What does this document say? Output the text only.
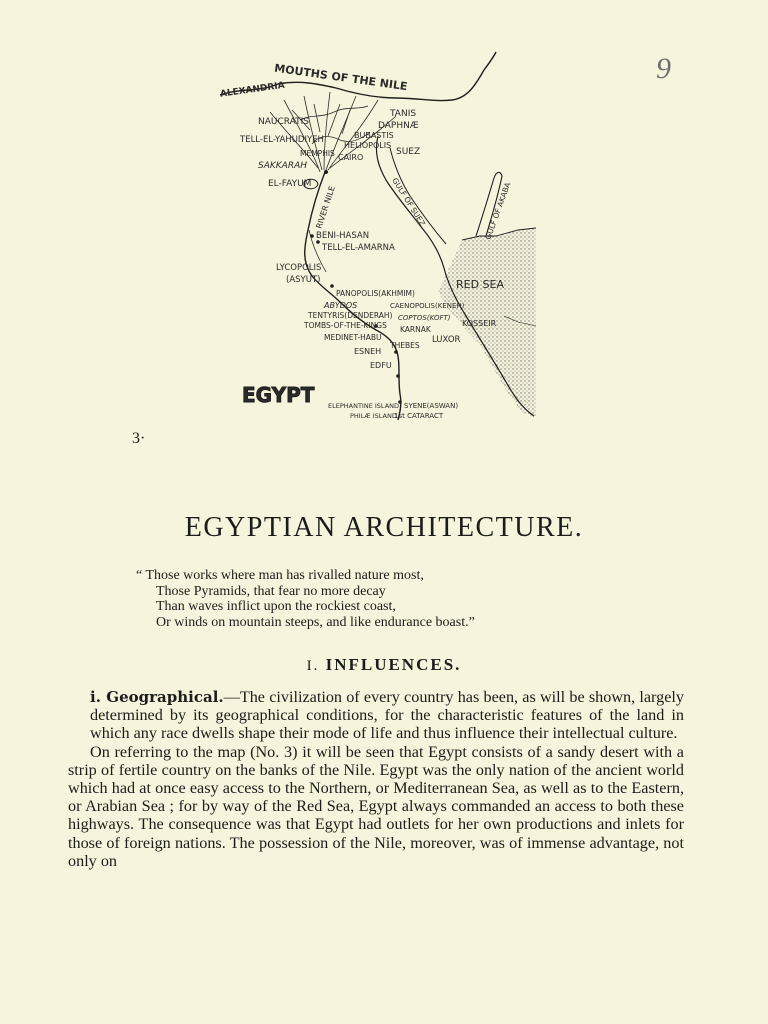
9
MOUTHS OF THE NILE
ALEXANDRIA
NAUCRATIS
TANIS
DAPHNÆ
TELL-EL-YAHUDIYEH	BUBASTIS
HELIOPOLIS
MEMPHIS CAIRO
SUEZ
SAKKARAH
EL-FAYUM
RIVER NILE	GULF OF SUEZ	GULF OF AKABA
BENI-HASAN
TELL-EL-AMARNA
LYCOPOLIS
(ASYUT)	RED SEA
PANOPOLIS(AKHMIM)
ABYDOS	CAENOPOLIS(KENEH)
TENTYRIS(DENDERAH) COPTOS(KOFT)
KOSSEIR
TOMBS-OF-THE-KINGS KARNAK
MEDINET-HABU
THEBES
LUXOR
ESNEH
EDFU
EGYPT ELEPHANTINE ISLAND SYENE(ASWAN)
PHILÆ ISLAND
1st CATARACT
3·
EGYPTIAN ARCHITECTURE.
“ Those works where man has rivalled nature most,
Those Pyramids, that fear no more decay
Than waves inflict upon the rockiest coast,
Or winds on mountain steeps, and like endurance boast.”
I. INFLUENCES.

i. Geographical.—The civilization of every country has been, as will be shown, largely determined by its geographical conditions, for the characteristic features of the land in which any race dwells shape their mode of life and thus influence their intellectual culture.

On referring to the map (No. 3) it will be seen that Egypt consists of a sandy desert with a strip of fertile country on the banks of the Nile. Egypt was the only nation of the ancient world which had at once easy access to the Northern, or Mediterranean Sea, as well as to the Eastern, or Arabian Sea ; for by way of the Red Sea, Egypt always commanded an access to both these highways. The consequence was that Egypt had outlets for her own productions and inlets for those of foreign nations. The possession of the Nile, moreover, was of immense advantage, not only on
